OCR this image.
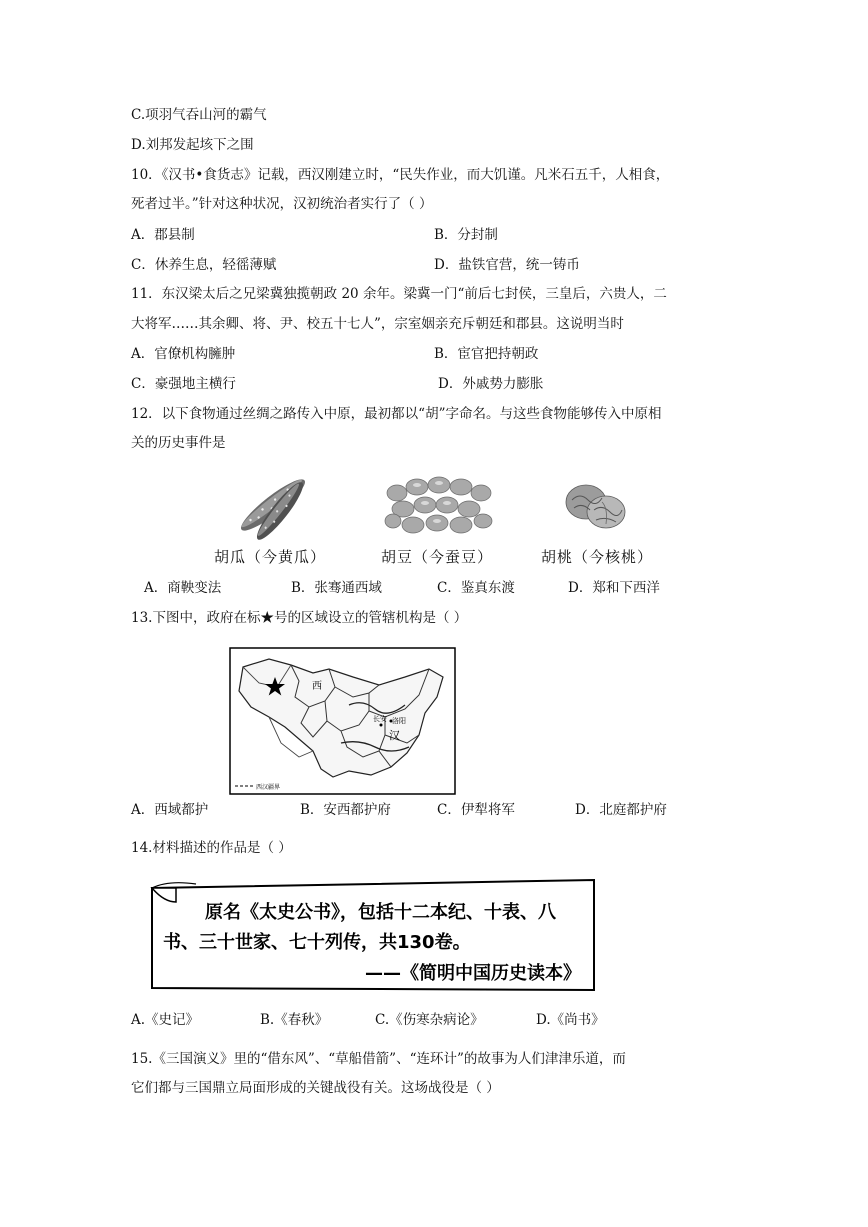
C.项羽气吞山河的霸气
D.刘邦发起垓下之围
10．《汉书•食货志》记载，西汉刚建立时，“民失作业，而大饥谨。凡米石五千，人相食，
死者过半。”针对这种状况，汉初统治者实行了（ ）
A．郡县制	B．分封制
C．休养生息，轻徭薄赋	D．盐铁官营，统一铸币
11．东汉梁太后之兄梁冀独揽朝政 20 余年。梁冀一门“前后七封侯，三皇后，六贵人，二
大将军……其余卿、将、尹、校五十七人”，宗室姻亲充斥朝廷和郡县。这说明当时
A．官僚机构臃肿	B．宦官把持朝政
C．豪强地主横行	D．外戚势力膨胀
12．以下食物通过丝绸之路传入中原，最初都以“胡”字命名。与这些食物能够传入中原相
关的历史事件是
胡瓜（今黄瓜）	胡豆（今蚕豆）	胡桃（今核桃）
A．商鞅变法	B．张骞通西域	C．鉴真东渡	D．郑和下西洋
13.下图中，政府在标★号的区域设立的管辖机构是（ ）
西汉疆界
西
长安 洛阳
汉
A．西域都护	B．安西都护府	C．伊犁将军	D．北庭都护府
14.材料描述的作品是（ ）
原名《太史公书》，包括十二本纪、十表、八
书、三十世家、七十列传，共130卷。
——《简明中国历史读本》
A.《史记》	B.《春秋》	C.《伤寒杂病论》	D.《尚书》
15.《三国演义》里的“借东风”、“草船借箭”、“连环计”的故事为人们津津乐道，而
它们都与三国鼎立局面形成的关键战役有关。这场战役是（ ）
